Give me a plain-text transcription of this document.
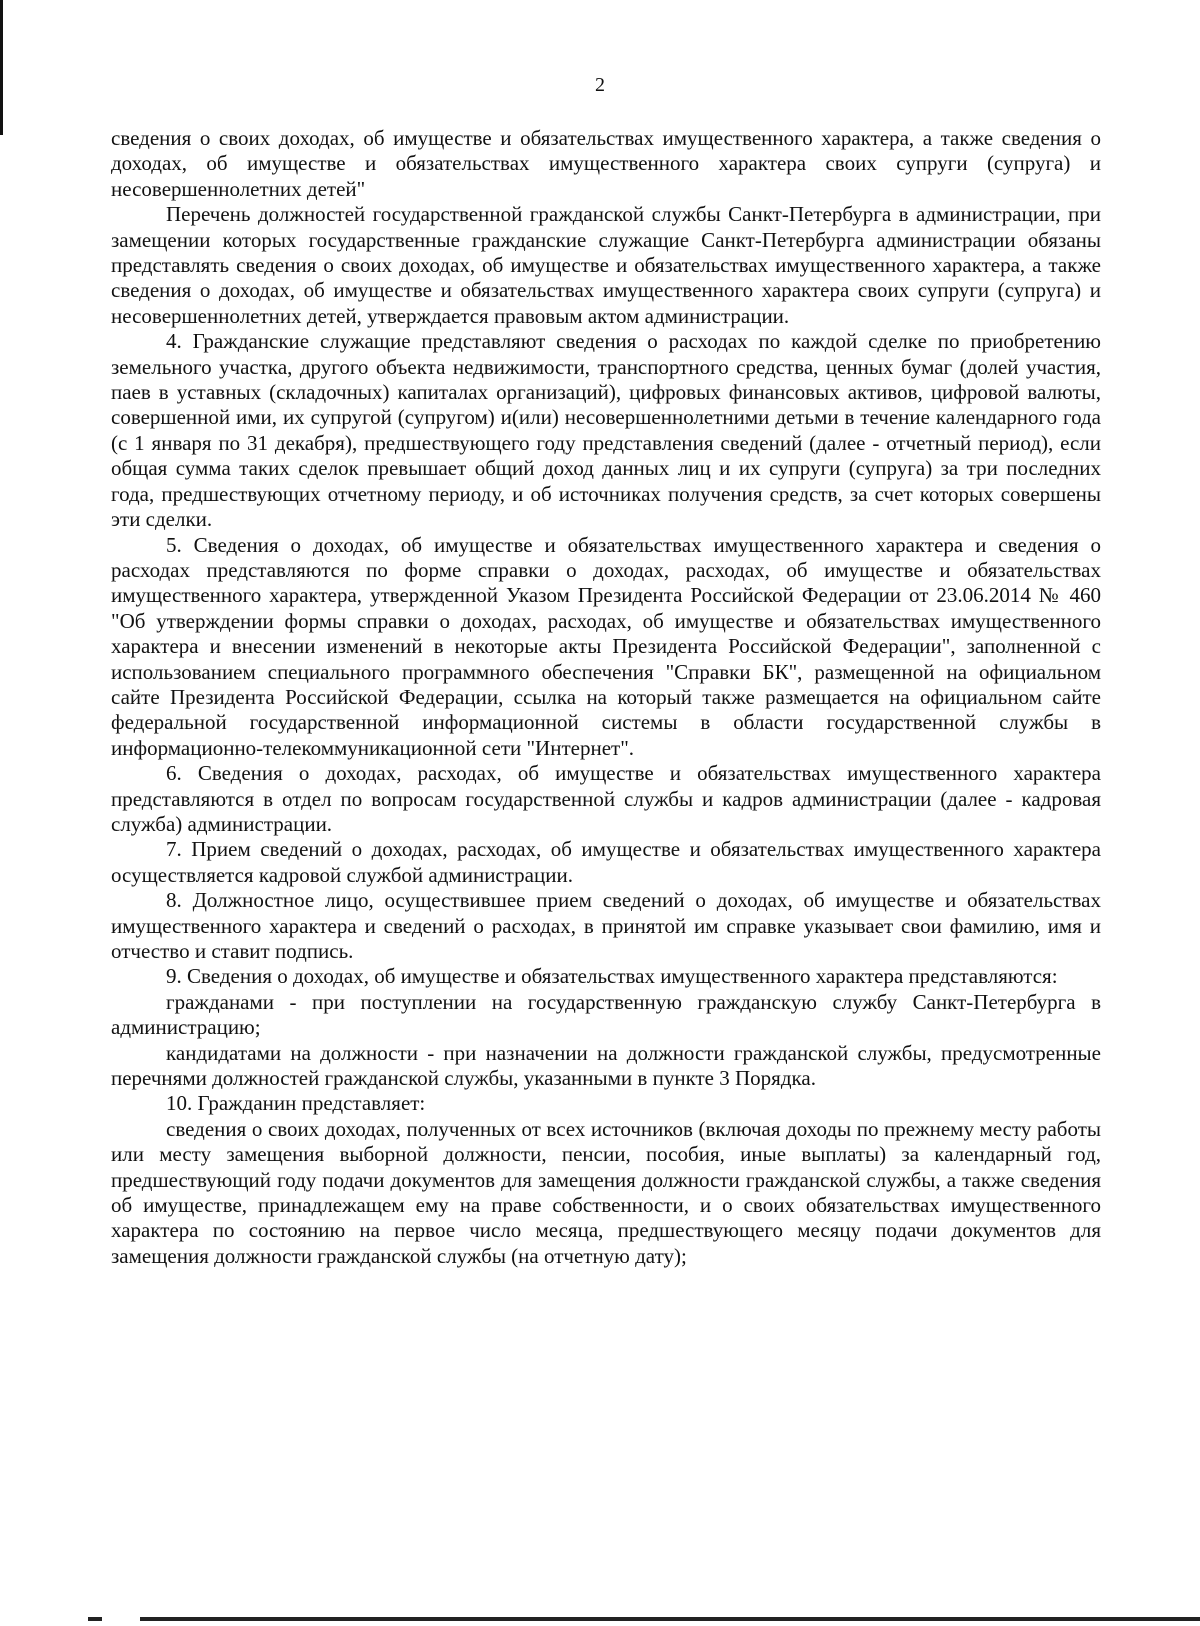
2

сведения о своих доходах, об имуществе и обязательствах имущественного характера, а также сведения о доходах, об имуществе и обязательствах имущественного характера своих супруги (супруга) и несовершеннолетних детей"

Перечень должностей государственной гражданской службы Санкт-Петербурга в администрации, при замещении которых государственные гражданские служащие Санкт-Петербурга администрации обязаны представлять сведения о своих доходах, об имуществе и обязательствах имущественного характера, а также сведения о доходах, об имуществе и обязательствах имущественного характера своих супруги (супруга) и несовершеннолетних детей, утверждается правовым актом администрации.

4. Гражданские служащие представляют сведения о расходах по каждой сделке по приобретению земельного участка, другого объекта недвижимости, транспортного средства, ценных бумаг (долей участия, паев в уставных (складочных) капиталах организаций), цифровых финансовых активов, цифровой валюты, совершенной ими, их супругой (супругом) и(или) несовершеннолетними детьми в течение календарного года (с 1 января по 31 декабря), предшествующего году представления сведений (далее - отчетный период), если общая сумма таких сделок превышает общий доход данных лиц и их супруги (супруга) за три последних года, предшествующих отчетному периоду, и об источниках получения средств, за счет которых совершены эти сделки.

5. Сведения о доходах, об имуществе и обязательствах имущественного характера и сведения о расходах представляются по форме справки о доходах, расходах, об имуществе и обязательствах имущественного характера, утвержденной Указом Президента Российской Федерации от 23.06.2014 № 460 "Об утверждении формы справки о доходах, расходах, об имуществе и обязательствах имущественного характера и внесении изменений в некоторые акты Президента Российской Федерации", заполненной с использованием специального программного обеспечения "Справки БК", размещенной на официальном сайте Президента Российской Федерации, ссылка на который также размещается на официальном сайте федеральной государственной информационной системы в области государственной службы в информационно-телекоммуникационной сети "Интернет".

6. Сведения о доходах, расходах, об имуществе и обязательствах имущественного характера представляются в отдел по вопросам государственной службы и кадров администрации (далее - кадровая служба) администрации.

7. Прием сведений о доходах, расходах, об имуществе и обязательствах имущественного характера осуществляется кадровой службой администрации.

8. Должностное лицо, осуществившее прием сведений о доходах, об имуществе и обязательствах имущественного характера и сведений о расходах, в принятой им справке указывает свои фамилию, имя и отчество и ставит подпись.

9. Сведения о доходах, об имуществе и обязательствах имущественного характера представляются:

гражданами - при поступлении на государственную гражданскую службу Санкт-Петербурга в администрацию;

кандидатами на должности - при назначении на должности гражданской службы, предусмотренные перечнями должностей гражданской службы, указанными в пункте 3 Порядка.

10. Гражданин представляет:

сведения о своих доходах, полученных от всех источников (включая доходы по прежнему месту работы или месту замещения выборной должности, пенсии, пособия, иные выплаты) за календарный год, предшествующий году подачи документов для замещения должности гражданской службы, а также сведения об имуществе, принадлежащем ему на праве собственности, и о своих обязательствах имущественного характера по состоянию на первое число месяца, предшествующего месяцу подачи документов для замещения должности гражданской службы (на отчетную дату);
